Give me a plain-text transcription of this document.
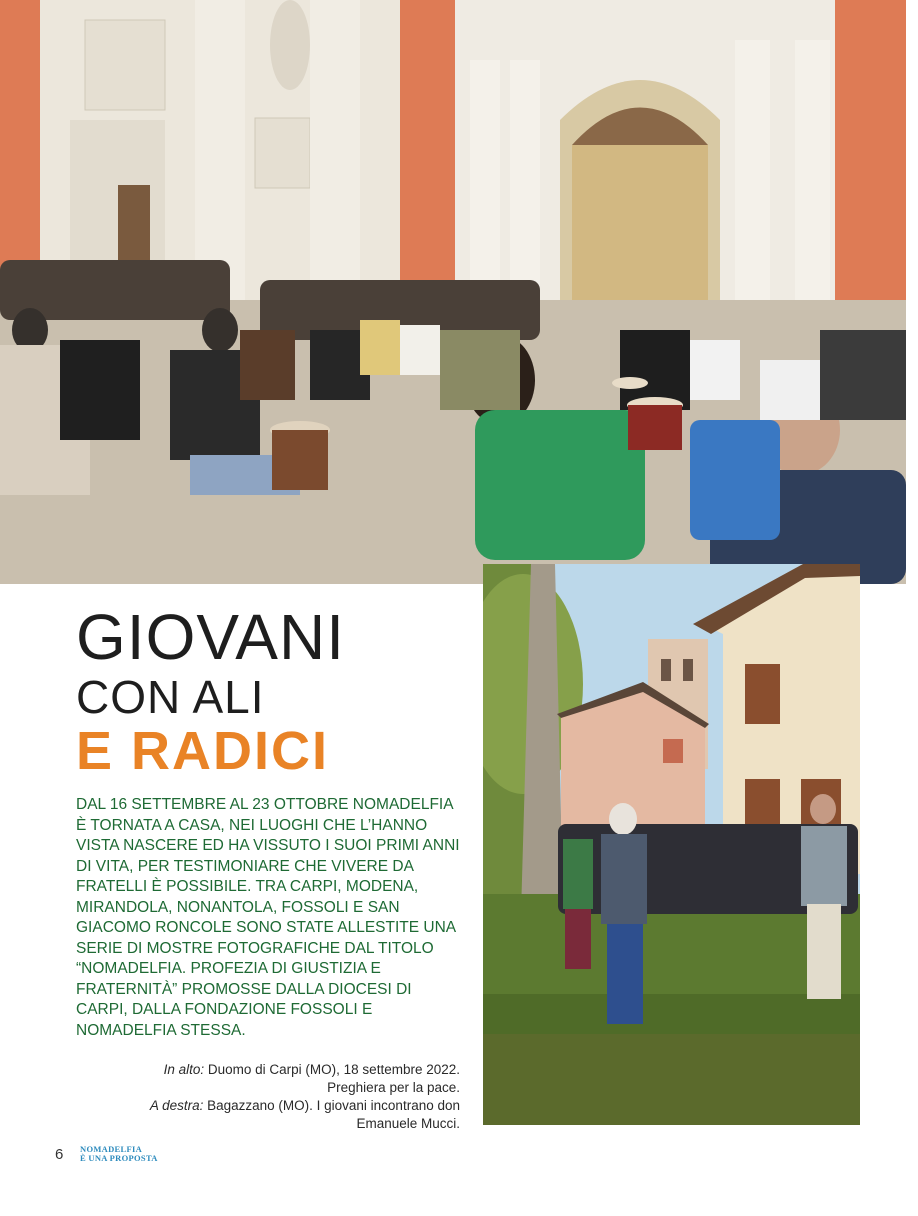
GIOVANI
CON ALI
E RADICI

DAL 16 SETTEMBRE AL 23 OTTOBRE NOMADELFIA È TORNATA A CASA, NEI LUOGHI CHE L’HANNO VISTA NASCERE ED HA VISSUTO I SUOI PRIMI ANNI DI VITA, PER TESTIMONIARE CHE VIVERE DA FRATELLI È POSSIBILE. TRA CARPI, MODENA, MIRANDOLA, NONANTOLA, FOSSOLI E SAN GIACOMO RONCOLE SONO STATE ALLESTITE UNA SERIE DI MOSTRE FOTOGRAFICHE DAL TITOLO “NOMADELFIA. PROFEZIA DI GIUSTIZIA E FRATERNITÀ” PROMOSSE DALLA DIOCESI DI CARPI, DALLA FONDAZIONE FOSSOLI E NOMADELFIA STESSA.

In alto: Duomo di Carpi (MO), 18 settembre 2022. Preghiera per la pace.

A destra: Bagazzano (MO). I giovani incontrano don Emanuele Mucci.

6 NOMADELFIA
È UNA PROPOSTA
